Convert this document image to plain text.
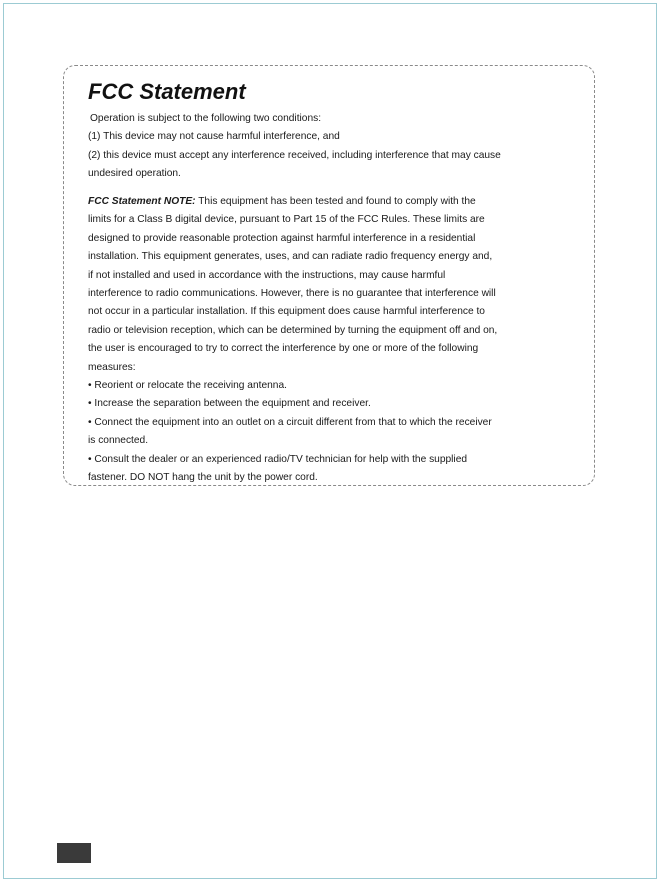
FCC Statement

Operation is subject to the following two conditions:

(1) This device may not cause harmful interference, and

(2) this device must accept any interference received, including interference that may cause

undesired operation.

FCC Statement NOTE: This equipment has been tested and found to comply with the

limits for a Class B digital device, pursuant to Part 15 of the FCC Rules. These limits are

designed to provide reasonable protection against harmful interference in a residential

installation. This equipment generates, uses, and can radiate radio frequency energy and,

if not installed and used in accordance with the instructions, may cause harmful

interference to radio communications. However, there is no guarantee that interference will

not occur in a particular installation. If this equipment does cause harmful interference to

radio or television reception, which can be determined by turning the equipment off and on,

the user is encouraged to try to correct the interference by one or more of the following

measures:

• Reorient or relocate the receiving antenna.

• Increase the separation between the equipment and receiver.

• Connect the equipment into an outlet on a circuit different from that to which the receiver

is connected.

• Consult the dealer or an experienced radio/TV technician for help with the supplied

fastener. DO NOT hang the unit by the power cord.
